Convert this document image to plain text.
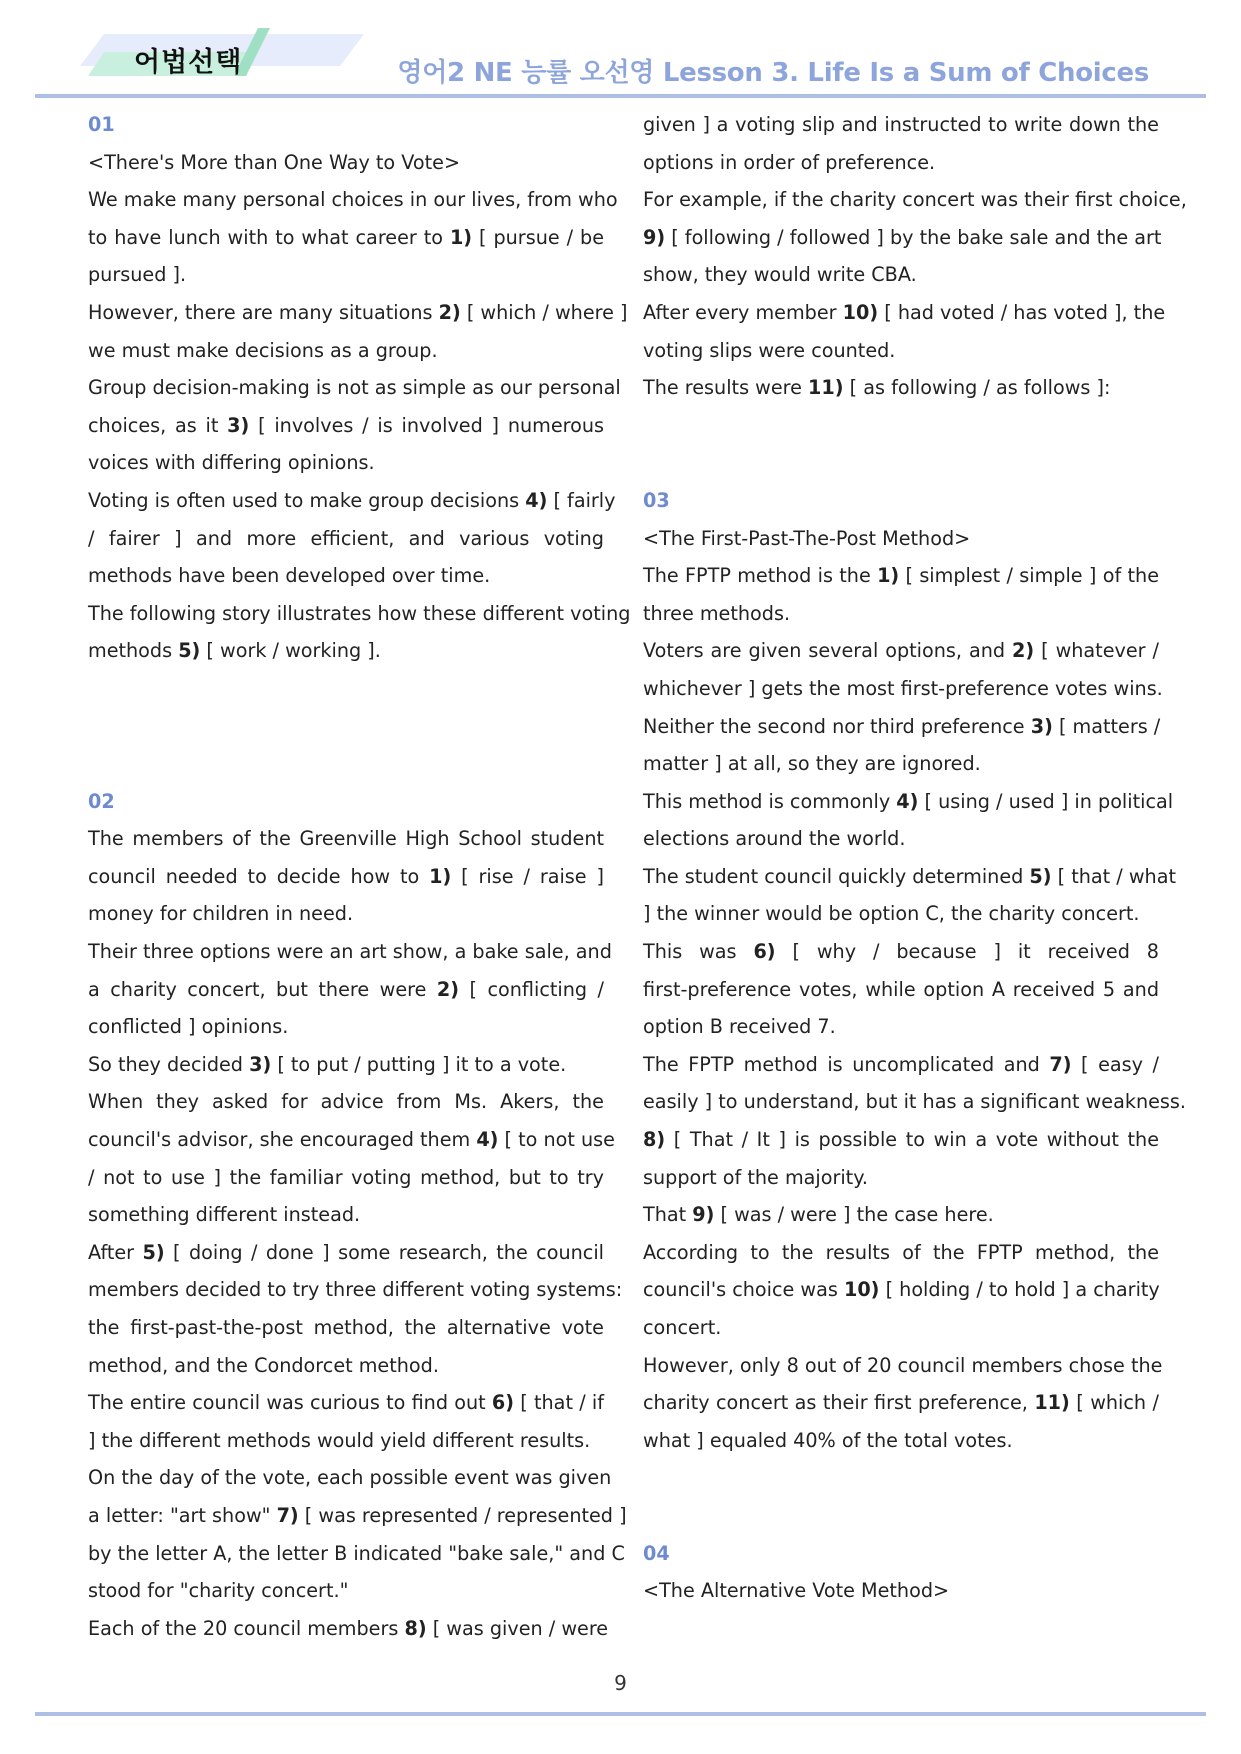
어법선택	영어2 NE 능률 오선영 Lesson 3. Life Is a Sum of Choices
01
<There's More than One Way to Vote>
We make many personal choices in our lives, from who
to have lunch with to what career to 1) [ pursue / be
pursued ].
However, there are many situations 2) [ which / where ]
we must make decisions as a group.
Group decision-making is not as simple as our personal
choices, as it 3) [ involves / is involved ] numerous
voices with differing opinions.
Voting is often used to make group decisions 4) [ fairly
/ fairer ] and more efficient, and various voting
methods have been developed over time.
The following story illustrates how these different voting
methods 5) [ work / working ].
02
The members of the Greenville High School student
council needed to decide how to 1) [ rise / raise ]
money for children in need.
Their three options were an art show, a bake sale, and
a charity concert, but there were 2) [ conflicting /
conflicted ] opinions.
So they decided 3) [ to put / putting ] it to a vote.
When they asked for advice from Ms. Akers, the
council's advisor, she encouraged them 4) [ to not use
/ not to use ] the familiar voting method, but to try
something different instead.
After 5) [ doing / done ] some research, the council
members decided to try three different voting systems:
the first-past-the-post method, the alternative vote
method, and the Condorcet method.
The entire council was curious to find out 6) [ that / if
] the different methods would yield different results.
On the day of the vote, each possible event was given
a letter: "art show" 7) [ was represented / represented ]
by the letter A, the letter B indicated "bake sale," and C
stood for "charity concert."
Each of the 20 council members 8) [ was given / were
given ] a voting slip and instructed to write down the
options in order of preference.
For example, if the charity concert was their first choice,
9) [ following / followed ] by the bake sale and the art
show, they would write CBA.
After every member 10) [ had voted / has voted ], the
voting slips were counted.
The results were 11) [ as following / as follows ]:
03
<The First-Past-The-Post Method>
The FPTP method is the 1) [ simplest / simple ] of the
three methods.
Voters are given several options, and 2) [ whatever /
whichever ] gets the most first-preference votes wins.
Neither the second nor third preference 3) [ matters /
matter ] at all, so they are ignored.
This method is commonly 4) [ using / used ] in political
elections around the world.
The student council quickly determined 5) [ that / what
] the winner would be option C, the charity concert.
This was 6) [ why / because ] it received 8
first-preference votes, while option A received 5 and
option B received 7.
The FPTP method is uncomplicated and 7) [ easy /
easily ] to understand, but it has a significant weakness.
8) [ That / It ] is possible to win a vote without the
support of the majority.
That 9) [ was / were ] the case here.
According to the results of the FPTP method, the
council's choice was 10) [ holding / to hold ] a charity
concert.
However, only 8 out of 20 council members chose the
charity concert as their first preference, 11) [ which /
what ] equaled 40% of the total votes.
04
<The Alternative Vote Method>
9
